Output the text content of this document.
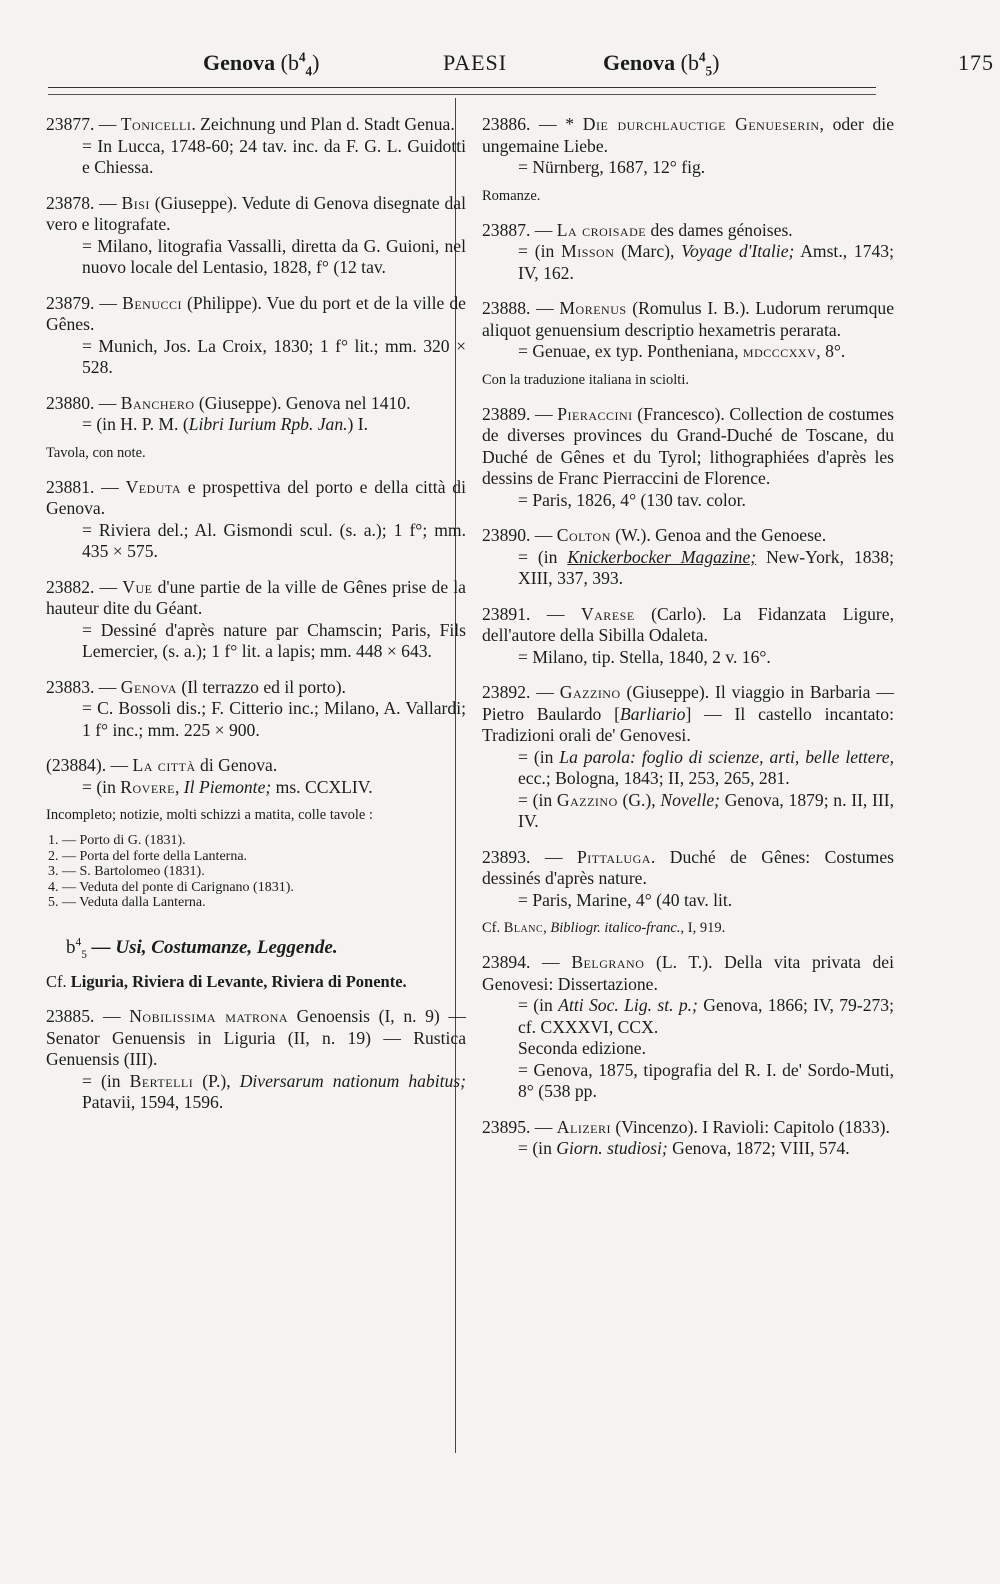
Genova $(b^4_4)$	PAESI	Genova $(b^4_5)$	175

23877. — Tonicelli. Zeichnung und Plan d. Stadt Genua.

= In Lucca, 1748-60; 24 tav. inc. da F. G. L. Guidotti e Chiessa.

23878. — Bisi (Giuseppe). Vedute di Genova disegnate dal vero e litografate.

= Milano, litografia Vassalli, diretta da G. Guioni, nel nuovo locale del Lentasio, 1828, f° (12 tav.

23879. — Benucci (Philippe). Vue du port et de la ville de Gênes.

= Munich, Jos. La Croix, 1830; 1 f° lit.; mm. 320 × 528.

23880. — Banchero (Giuseppe). Genova nel 1410.

= (in H. P. M. (Libri Iurium Rpb. Jan.) I.

Tavola, con note.

23881. — Veduta e prospettiva del porto e della città di Genova.

= Riviera del.; Al. Gismondi scul. (s. a.); 1 f°; mm. 435 × 575.

23882. — Vue d'une partie de la ville de Gênes prise de la hauteur dite du Géant.

= Dessiné d'après nature par Chamscin; Paris, Fils Lemercier, (s. a.); 1 f° lit. a lapis; mm. 448 × 643.

23883. — Genova (Il terrazzo ed il porto).

= C. Bossoli dis.; F. Citterio inc.; Milano, A. Vallardi; 1 f° inc.; mm. 225 × 900.

(23884). — La città di Genova.

= (in Rovere, Il Piemonte; ms. CCXLIV.

Incompleto; notizie, molti schizzi a matita, colle tavole :
1. — Porto di G. (1831).
2. — Porta del forte della Lanterna.
3. — S. Bartolomeo (1831).
4. — Veduta del ponte di Carignano (1831).
5. — Veduta dalla Lanterna.
$b^4_5$ — Usi, Costumanze, Leggende.
Cf. Liguria, Riviera di Levante, Riviera di Ponente.

23885. — Nobilissima matrona Genoensis (I, n. 9) — Senator Genuensis in Liguria (II, n. 19) — Rustica Genuensis (III).

= (in Bertelli (P.), Diversarum nationum habitus; Patavii, 1594, 1596.

23886. — * Die durchlauctige Genueserin, oder die ungemaine Liebe.

= Nürnberg, 1687, 12° fig.

Romanze.

23887. — La croisade des dames génoises.

= (in Misson (Marc), Voyage d'Italie; Amst., 1743; IV, 162.

23888. — Morenus (Romulus I. B.). Ludorum rerumque aliquot genuensium descriptio hexametris perarata.

= Genuae, ex typ. Pontheniana, mdcccxxv, 8°.

Con la traduzione italiana in sciolti.

23889. — Pieraccini (Francesco). Collection de costumes de diverses provinces du Grand-Duché de Toscane, du Duché de Gênes et du Tyrol; lithographiées d'après les dessins de Franc Pierraccini de Florence.

= Paris, 1826, 4° (130 tav. color.

23890. — Colton (W.). Genoa and the Genoese.

= (in Knickerbocker Magazine; New-York, 1838; XIII, 337, 393.

23891. — Varese (Carlo). La Fidanzata Ligure, dell'autore della Sibilla Odaleta.

= Milano, tip. Stella, 1840, 2 v. 16°.

23892. — Gazzino (Giuseppe). Il viaggio in Barbaria — Pietro Baulardo [Barliario] — Il castello incantato: Tradizioni orali de' Genovesi.

= (in La parola: foglio di scienze, arti, belle lettere, ecc.; Bologna, 1843; II, 253, 265, 281.

= (in Gazzino (G.), Novelle; Genova, 1879; n. II, III, IV.

23893. — Pittaluga. Duché de Gênes: Costumes dessinés d'après nature.

= Paris, Marine, 4° (40 tav. lit.

Cf. Blanc, Bibliogr. italico-franc., I, 919.

23894. — Belgrano (L. T.). Della vita privata dei Genovesi: Dissertazione.

= (in Atti Soc. Lig. st. p.; Genova, 1866; IV, 79-273; cf. CXXXVI, CCX.

Seconda edizione.

= Genova, 1875, tipografia del R. I. de' Sordo-Muti, 8° (538 pp.

23895. — Alizeri (Vincenzo). I Ravioli: Capitolo (1833).

= (in Giorn. studiosi; Genova, 1872; VIII, 574.
